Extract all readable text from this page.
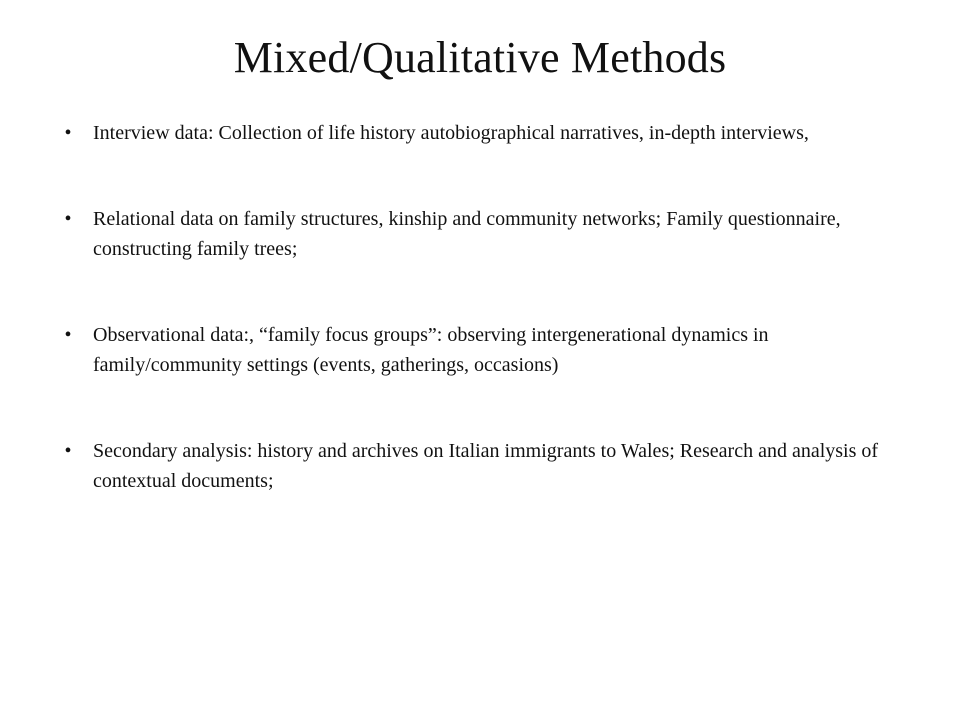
Mixed/Qualitative Methods
•	Interview data: Collection of life history autobiographical narratives, in-depth interviews,
•	Relational data on family structures, kinship and community networks; Family questionnaire, constructing family trees;
•	Observational data:, “family focus groups”: observing intergenerational dynamics in family/community settings (events, gatherings, occasions)
•	Secondary analysis: history and archives on Italian immigrants to Wales; Research and analysis of contextual documents;
